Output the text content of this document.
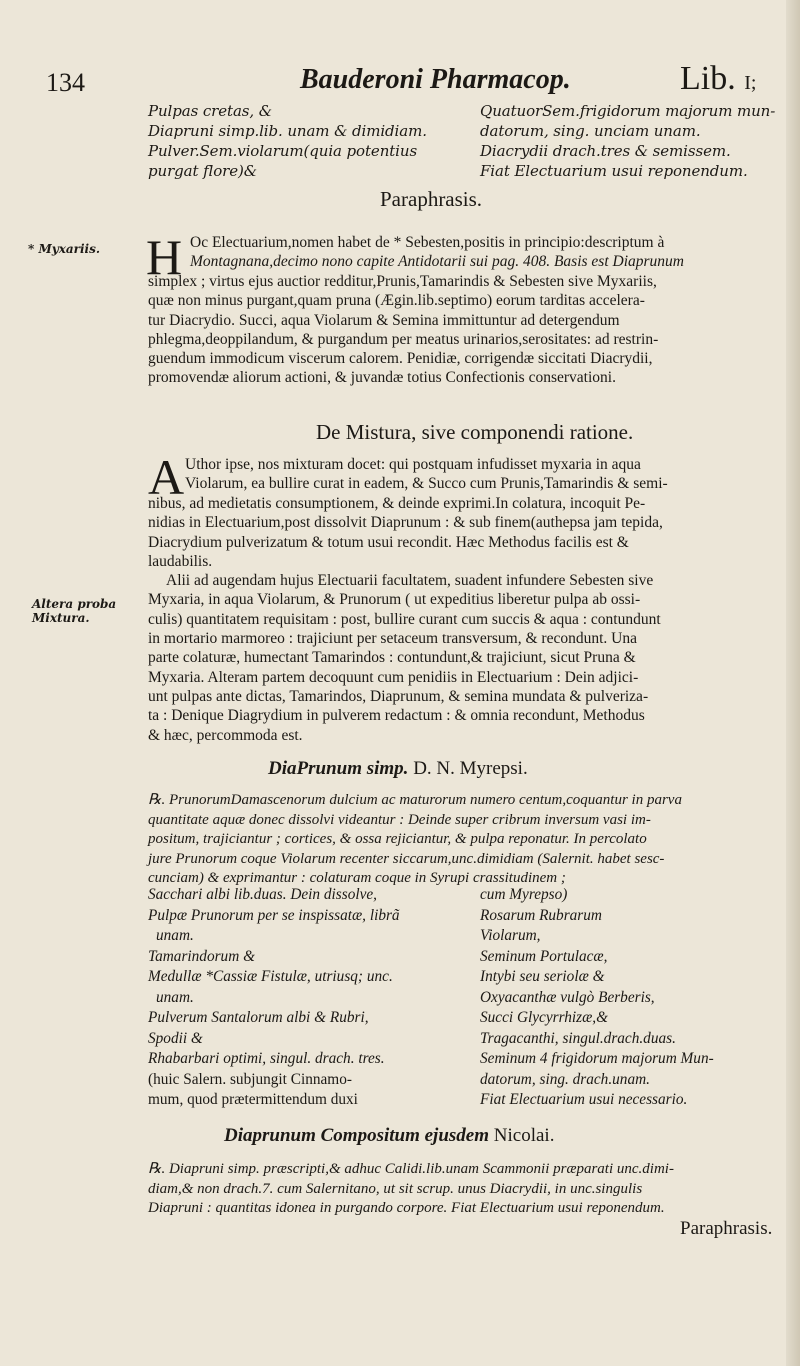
134	Bauderoni Pharmacop.	Lib. I;
Pulpas cretas, &
Diapruni simp.lib. unam & dimidiam.
Pulver.Sem.violarum(quia potentius
purgat flore)&
QuatuorSem.frigidorum majorum mun-
datorum, sing. unciam unam.
Diacrydii drach.tres & semissem.
Fiat Electuarium usui reponendum.
Paraphrasis.
* Myxariis. H Oc Electuarium,nomen habet de * Sebesten,positis in principio:descriptum à
Montagnana,decimo nono capite Antidotarii sui pag. 408. Basis est Diaprunum
simplex ; virtus ejus auctior redditur,Prunis,Tamarindis & Sebesten sive Myxariis,
quæ non minus purgant,quam pruna (Ægin.lib.septimo) eorum tarditas accelera-
tur Diacrydio. Succi, aqua Violarum & Semina immittuntur ad detergendum
phlegma,deoppilandum, & purgandum per meatus urinarios,serositates: ad restrin-
guendum immodicum viscerum calorem. Penidiæ, corrigendæ siccitati Diacrydii,
promovendæ aliorum actioni, & juvandæ totius Confectionis conservationi.
De Mistura, sive componendi ratione.
A Uthor ipse, nos mixturam docet: qui postquam infudisset myxaria in aqua
Violarum, ea bullire curat in eadem, & Succo cum Prunis,Tamarindis & semi-
Altera proba
Mixtura.
nibus, ad medietatis consumptionem, & deinde exprimi.In colatura, incoquit Pe-
nidias in Electuarium,post dissolvit Diaprunum : & sub finem(authepsa jam tepida,
Diacrydium pulverizatum & totum usui recondit. Hæc Methodus facilis est &
laudabilis.
Alii ad augendam hujus Electuarii facultatem, suadent infundere Sebesten sive
Myxaria, in aqua Violarum, & Prunorum ( ut expeditius liberetur pulpa ab ossi-
culis) quantitatem requisitam : post, bullire curant cum succis & aqua : contundunt
in mortario marmoreo : trajiciunt per setaceum transversum, & recondunt. Una
parte colaturæ, humectant Tamarindos : contundunt,& trajiciunt, sicut Pruna &
Myxaria. Alteram partem decoquunt cum penidiis in Electuarium : Dein adjici-
unt pulpas ante dictas, Tamarindos, Diaprunum, & semina mundata & pulveriza-
ta : Denique Diagrydium in pulverem redactum : & omnia recondunt, Methodus
& hæc, percommoda est.
DiaPrunum simp. D. N. Myrepsi.
℞. PrunorumDamascenorum dulcium ac maturorum numero centum,coquantur in parva
quantitate aquæ donec dissolvi videantur : Deinde super cribrum inversum vasi im-
positum, trajiciantur ; cortices, & ossa rejiciantur, & pulpa reponatur. In percolato
jure Prunorum coque Violarum recenter siccarum,unc.dimidiam (Salernit. habet sesc-
cunciam) & exprimantur : colaturam coque in Syrupi crassitudinem ;
Sacchari albi lib.duas. Dein dissolve,
Pulpæ Prunorum per se inspissatæ, librã
unam.
Tamarindorum &
Medullæ *Cassiæ Fistulæ, utriusq; unc.
unam.
Pulverum Santalorum albi & Rubri,
Spodii &
Rhabarbari optimi, singul. drach. tres.
(huic Salern. subjungit Cinnamo-
mum, quod prætermittendum duxi
cum Myrepso)
Rosarum Rubrarum
Violarum,
Seminum Portulacæ,
Intybi seu seriolæ &
Oxyacanthæ vulgò Berberis,
Succi Glycyrrhizæ,&
Tragacanthi, singul.drach.duas.
Seminum 4 frigidorum majorum Mun-
datorum, sing. drach.unam.
Fiat Electuarium usui necessario.
Diaprunum Compositum ejusdem Nicolai.
℞. Diapruni simp. præscripti,& adhuc Calidi.lib.unam Scammonii præparati unc.dimi-
diam,& non drach.7. cum Salernitano, ut sit scrup. unus Diacrydii, in unc.singulis
Diapruni : quantitas idonea in purgando corpore. Fiat Electuarium usui reponendum.
Paraphrasis.
